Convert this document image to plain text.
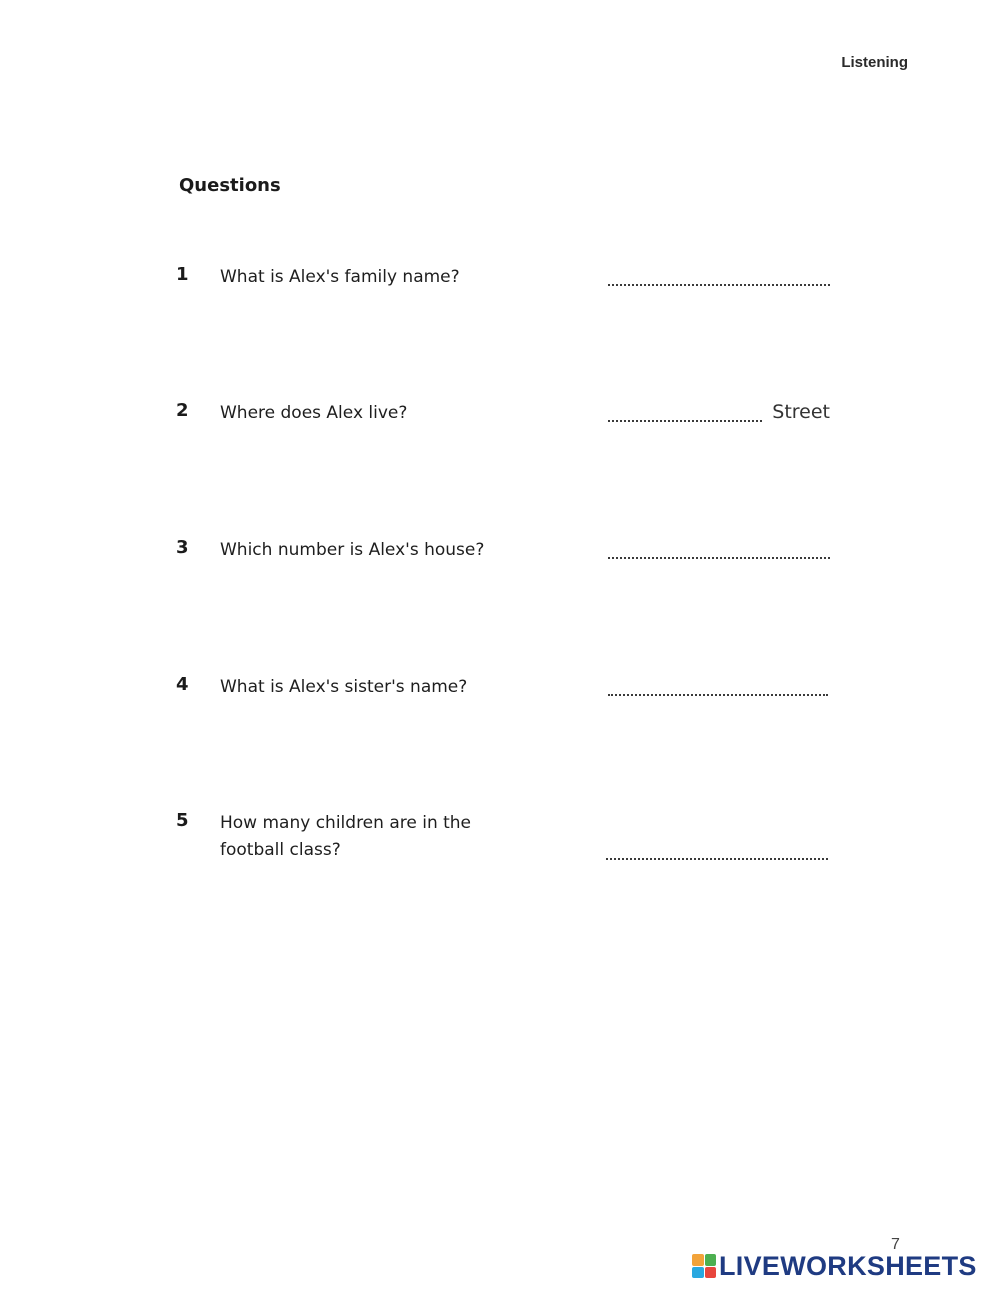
Listening
Questions
1 What is Alex's family name?
2 Where does Alex live?	Street
3 Which number is Alex's house?
4 What is Alex's sister's name?
5 How many children are in the
football class?
7
LIVEWORKSHEETS
